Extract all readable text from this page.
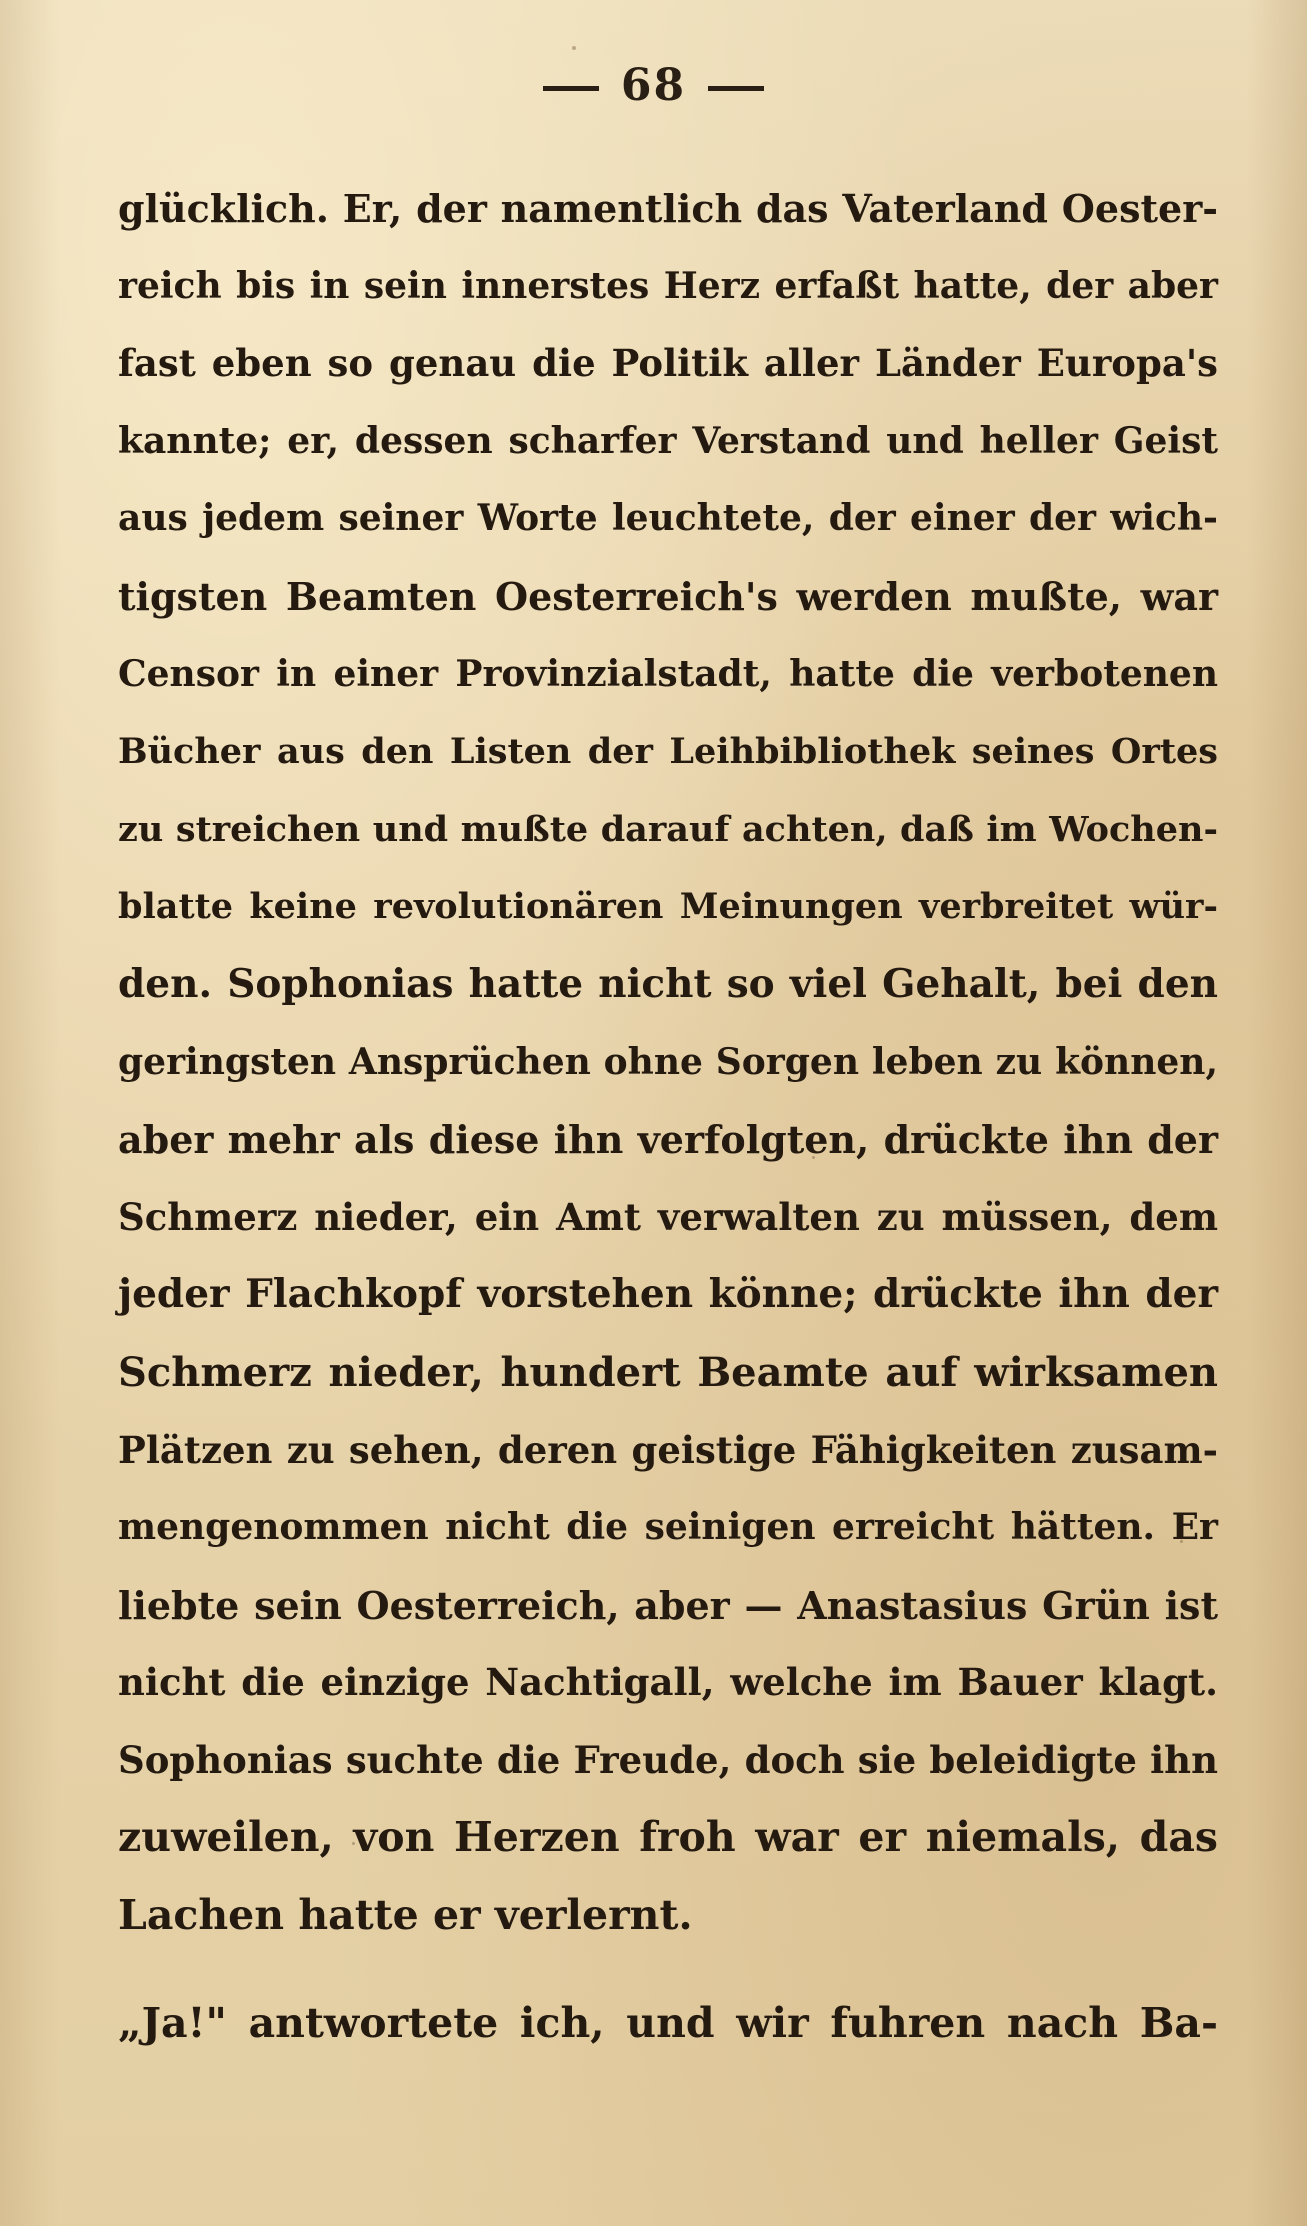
68
glücklich. Er, der namentlich das Vaterland Oester-
reich bis in sein innerstes Herz erfaßt hatte, der aber
fast eben so genau die Politik aller Länder Europa's
kannte; er, dessen scharfer Verstand und heller Geist
aus jedem seiner Worte leuchtete, der einer der wich-
tigsten Beamten Oesterreich's werden mußte, war
Censor in einer Provinzialstadt, hatte die verbotenen
Bücher aus den Listen der Leihbibliothek seines Ortes
zu streichen und mußte darauf achten, daß im Wochen-
blatte keine revolutionären Meinungen verbreitet wür-
den. Sophonias hatte nicht so viel Gehalt, bei den
geringsten Ansprüchen ohne Sorgen leben zu können,
aber mehr als diese ihn verfolgten, drückte ihn der
Schmerz nieder, ein Amt verwalten zu müssen, dem
jeder Flachkopf vorstehen könne; drückte ihn der
Schmerz nieder, hundert Beamte auf wirksamen
Plätzen zu sehen, deren geistige Fähigkeiten zusam-
mengenommen nicht die seinigen erreicht hätten. Er
liebte sein Oesterreich, aber — Anastasius Grün ist
nicht die einzige Nachtigall, welche im Bauer klagt.
Sophonias suchte die Freude, doch sie beleidigte ihn
zuweilen, von Herzen froh war er niemals, das
Lachen hatte er verlernt.
„Ja!" antwortete ich, und wir fuhren nach Ba-
